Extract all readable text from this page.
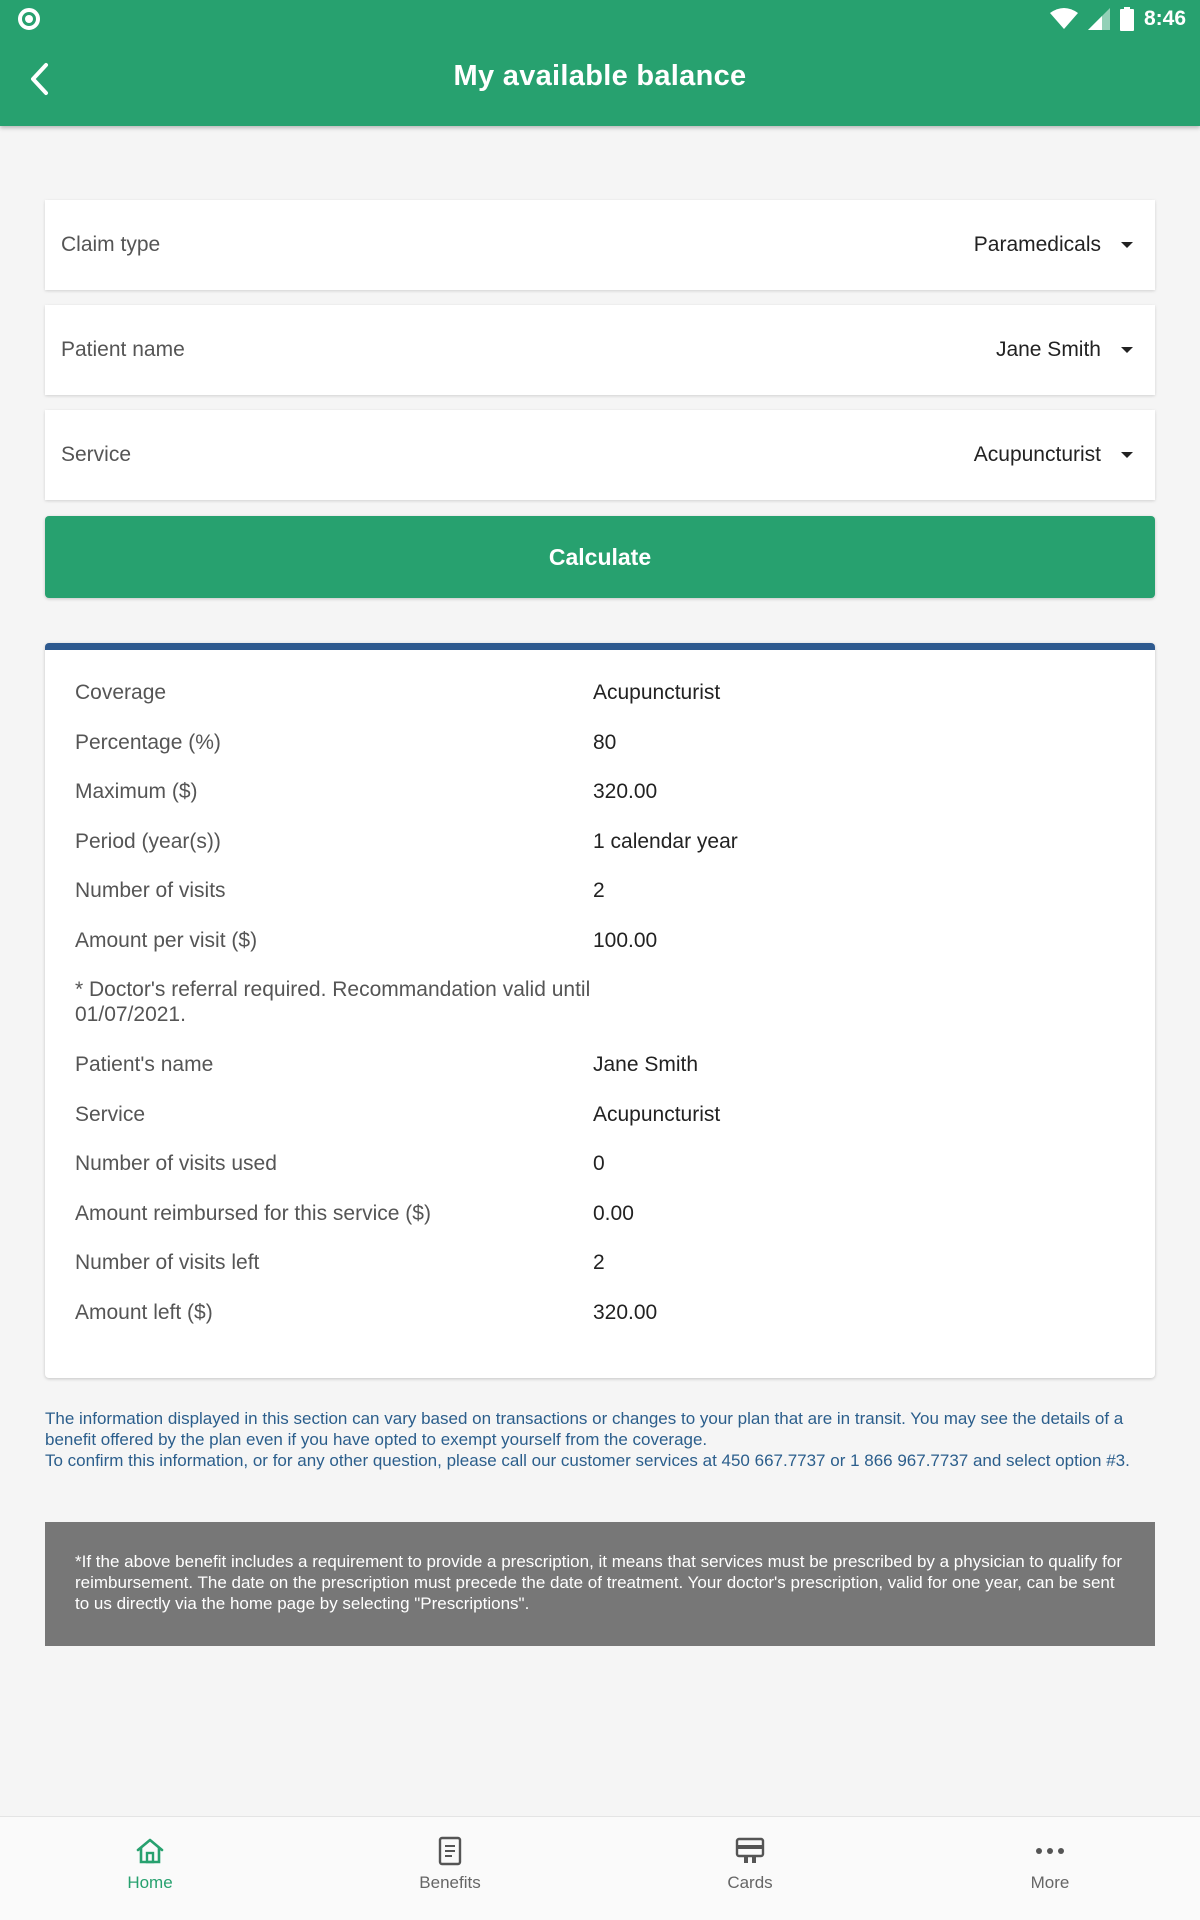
8:46
My available balance
Claim type	Paramedicals
Patient name	Jane Smith
Service	Acupuncturist
Calculate
Coverage	Acupuncturist
Percentage (%)	80
Maximum ($)	320.00
Period (year(s))	1 calendar year
Number of visits	2
Amount per visit ($)	100.00
* Doctor's referral required. Recommandation valid until 01/07/2021.
Patient's name	Jane Smith
Service	Acupuncturist
Number of visits used	0
Amount reimbursed for this service ($)	0.00
Number of visits left	2
Amount left ($)	320.00

The information displayed in this section can vary based on transactions or changes to your plan that are in transit. You may see the details of a benefit offered by the plan even if you have opted to exempt yourself from the coverage.

To confirm this information, or for any other question, please call our customer services at 450 667.7737 or 1 866 967.7737 and select option #3.

*If the above benefit includes a requirement to provide a prescription, it means that services must be prescribed by a physician to qualify for reimbursement. The date on the prescription must precede the date of treatment. Your doctor's prescription, valid for one year, can be sent to us directly via the home page by selecting "Prescriptions".

Home	Benefits	Cards	More
